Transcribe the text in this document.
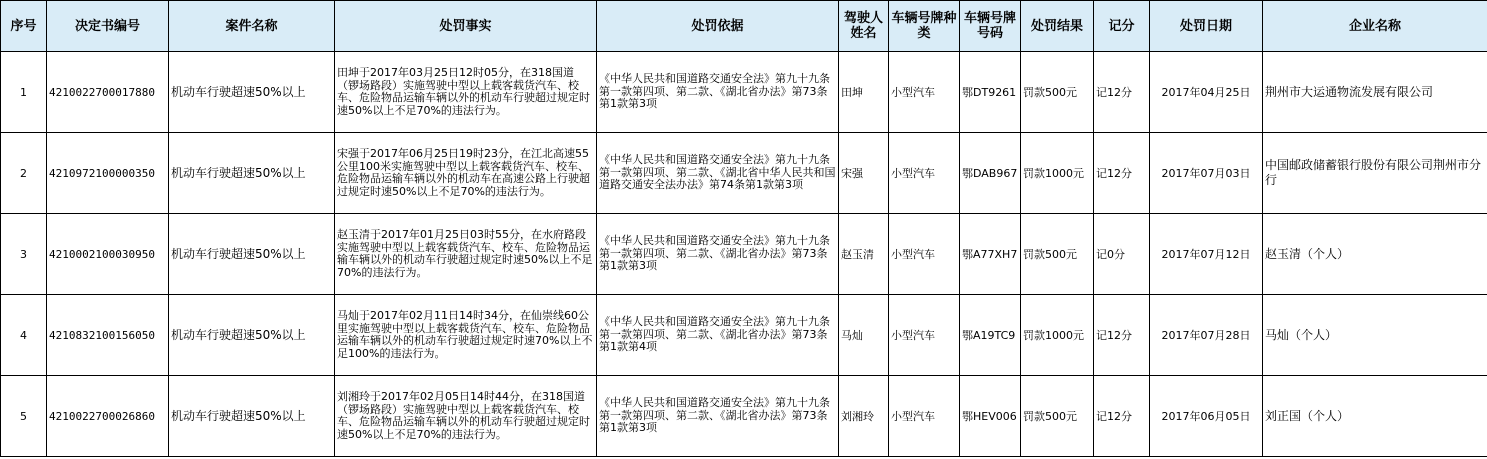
序号	决定书编号	案件名称	处罚事实	处罚依据	驾驶人姓名	车辆号牌种类	车辆号牌号码	处罚结果	记分	处罚日期	企业名称
1	4210022700017880	机动车行驶超速50%以上	田坤于2017年03月25日12时05分，在318国道（锣场路段）实施驾驶中型以上载客载货汽车、校车、危险物品运输车辆以外的机动车行驶超过规定时速50%以上不足70%的违法行为。	《中华人民共和国道路交通安全法》第九十九条第一款第四项、第二款、《湖北省办法》第73条第1款第3项	田坤	小型汽车	鄂DT9261	罚款500元	记12分	2017年04月25日	荆州市大运通物流发展有限公司
2	4210972100000350	机动车行驶超速50%以上	宋强于2017年06月25日19时23分，在江北高速55公里100米实施驾驶中型以上载客载货汽车、校车、危险物品运输车辆以外的机动车在高速公路上行驶超过规定时速50%以上不足70%的违法行为。	《中华人民共和国道路交通安全法》第九十九条第一款第四项、第二款、《湖北省中华人民共和国道路交通安全法办法》第74条第1款第3项	宋强	小型汽车	鄂DAB967	罚款1000元	记12分	2017年07月03日	中国邮政储蓄银行股份有限公司荆州市分行
3	4210002100030950	机动车行驶超速50%以上	赵玉清于2017年01月25日03时55分，在水府路段实施驾驶中型以上载客载货汽车、校车、危险物品运输车辆以外的机动车行驶超过规定时速50%以上不足70%的违法行为。	《中华人民共和国道路交通安全法》第九十九条第一款第四项、第二款、《湖北省办法》第73条第1款第3项	赵玉清	小型汽车	鄂A77XH7	罚款500元	记0分	2017年07月12日	赵玉清（个人）
4	4210832100156050	机动车行驶超速50%以上	马灿于2017年02月11日14时34分，在仙崇线60公里实施驾驶中型以上载客载货汽车、校车、危险物品运输车辆以外的机动车行驶超过规定时速70%以上不足100%的违法行为。	《中华人民共和国道路交通安全法》第九十九条第一款第四项、第二款、《湖北省办法》第73条第1款第4项	马灿	小型汽车	鄂A19TC9	罚款1000元	记12分	2017年07月28日	马灿（个人）
5	4210022700026860	机动车行驶超速50%以上	刘湘玲于2017年02月05日14时44分，在318国道（锣场路段）实施驾驶中型以上载客载货汽车、校车、危险物品运输车辆以外的机动车行驶超过规定时速50%以上不足70%的违法行为。	《中华人民共和国道路交通安全法》第九十九条第一款第四项、第二款、《湖北省办法》第73条第1款第3项	刘湘玲	小型汽车	鄂HEV006	罚款500元	记12分	2017年06月05日	刘正国（个人）
